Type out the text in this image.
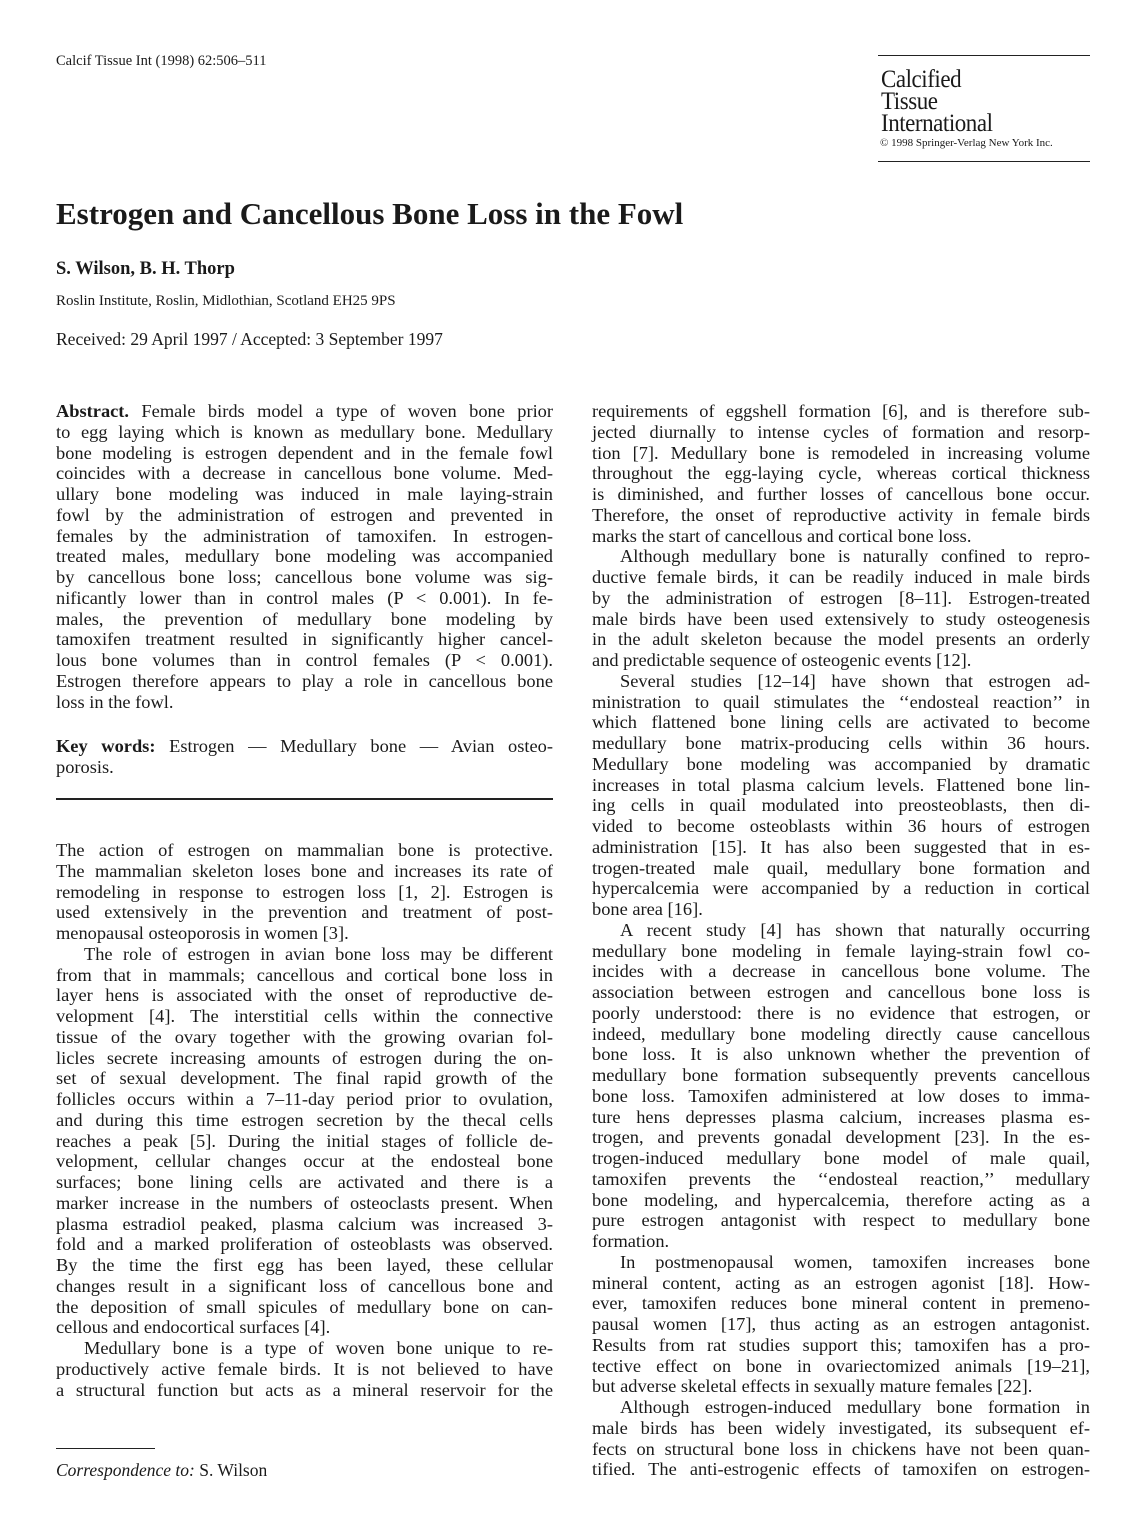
Calcif Tissue Int (1998) 62:506–511
Calcified
Tissue
International
© 1998 Springer-Verlag New York Inc.
Estrogen and Cancellous Bone Loss in the Fowl
S. Wilson, B. H. Thorp
Roslin Institute, Roslin, Midlothian, Scotland EH25 9PS
Received: 29 April 1997 / Accepted: 3 September 1997
Abstract. Female birds model a type of woven bone prior
to egg laying which is known as medullary bone. Medullary
bone modeling is estrogen dependent and in the female fowl
coincides with a decrease in cancellous bone volume. Med-
ullary bone modeling was induced in male laying-strain
fowl by the administration of estrogen and prevented in
females by the administration of tamoxifen. In estrogen-
treated males, medullary bone modeling was accompanied
by cancellous bone loss; cancellous bone volume was sig-
nificantly lower than in control males (P < 0.001). In fe-
males, the prevention of medullary bone modeling by
tamoxifen treatment resulted in significantly higher cancel-
lous bone volumes than in control females (P < 0.001).
Estrogen therefore appears to play a role in cancellous bone
loss in the fowl.
Key words: Estrogen — Medullary bone — Avian osteo-
porosis.
The action of estrogen on mammalian bone is protective.
The mammalian skeleton loses bone and increases its rate of
remodeling in response to estrogen loss [1, 2]. Estrogen is
used extensively in the prevention and treatment of post-
menopausal osteoporosis in women [3].
The role of estrogen in avian bone loss may be different
from that in mammals; cancellous and cortical bone loss in
layer hens is associated with the onset of reproductive de-
velopment [4]. The interstitial cells within the connective
tissue of the ovary together with the growing ovarian fol-
licles secrete increasing amounts of estrogen during the on-
set of sexual development. The final rapid growth of the
follicles occurs within a 7–11-day period prior to ovulation,
and during this time estrogen secretion by the thecal cells
reaches a peak [5]. During the initial stages of follicle de-
velopment, cellular changes occur at the endosteal bone
surfaces; bone lining cells are activated and there is a
marker increase in the numbers of osteoclasts present. When
plasma estradiol peaked, plasma calcium was increased 3-
fold and a marked proliferation of osteoblasts was observed.
By the time the first egg has been layed, these cellular
changes result in a significant loss of cancellous bone and
the deposition of small spicules of medullary bone on can-
cellous and endocortical surfaces [4].
Medullary bone is a type of woven bone unique to re-
productively active female birds. It is not believed to have
a structural function but acts as a mineral reservoir for the
requirements of eggshell formation [6], and is therefore sub-
jected diurnally to intense cycles of formation and resorp-
tion [7]. Medullary bone is remodeled in increasing volume
throughout the egg-laying cycle, whereas cortical thickness
is diminished, and further losses of cancellous bone occur.
Therefore, the onset of reproductive activity in female birds
marks the start of cancellous and cortical bone loss.
Although medullary bone is naturally confined to repro-
ductive female birds, it can be readily induced in male birds
by the administration of estrogen [8–11]. Estrogen-treated
male birds have been used extensively to study osteogenesis
in the adult skeleton because the model presents an orderly
and predictable sequence of osteogenic events [12].
Several studies [12–14] have shown that estrogen ad-
ministration to quail stimulates the ‘‘endosteal reaction’’ in
which flattened bone lining cells are activated to become
medullary bone matrix-producing cells within 36 hours.
Medullary bone modeling was accompanied by dramatic
increases in total plasma calcium levels. Flattened bone lin-
ing cells in quail modulated into preosteoblasts, then di-
vided to become osteoblasts within 36 hours of estrogen
administration [15]. It has also been suggested that in es-
trogen-treated male quail, medullary bone formation and
hypercalcemia were accompanied by a reduction in cortical
bone area [16].
A recent study [4] has shown that naturally occurring
medullary bone modeling in female laying-strain fowl co-
incides with a decrease in cancellous bone volume. The
association between estrogen and cancellous bone loss is
poorly understood: there is no evidence that estrogen, or
indeed, medullary bone modeling directly cause cancellous
bone loss. It is also unknown whether the prevention of
medullary bone formation subsequently prevents cancellous
bone loss. Tamoxifen administered at low doses to imma-
ture hens depresses plasma calcium, increases plasma es-
trogen, and prevents gonadal development [23]. In the es-
trogen-induced medullary bone model of male quail,
tamoxifen prevents the ‘‘endosteal reaction,’’ medullary
bone modeling, and hypercalcemia, therefore acting as a
pure estrogen antagonist with respect to medullary bone
formation.
In postmenopausal women, tamoxifen increases bone
mineral content, acting as an estrogen agonist [18]. How-
ever, tamoxifen reduces bone mineral content in premeno-
pausal women [17], thus acting as an estrogen antagonist.
Results from rat studies support this; tamoxifen has a pro-
tective effect on bone in ovariectomized animals [19–21],
but adverse skeletal effects in sexually mature females [22].
Although estrogen-induced medullary bone formation in
male birds has been widely investigated, its subsequent ef-
fects on structural bone loss in chickens have not been quan-
tified. The anti-estrogenic effects of tamoxifen on estrogen-
Correspondence to: S. Wilson
